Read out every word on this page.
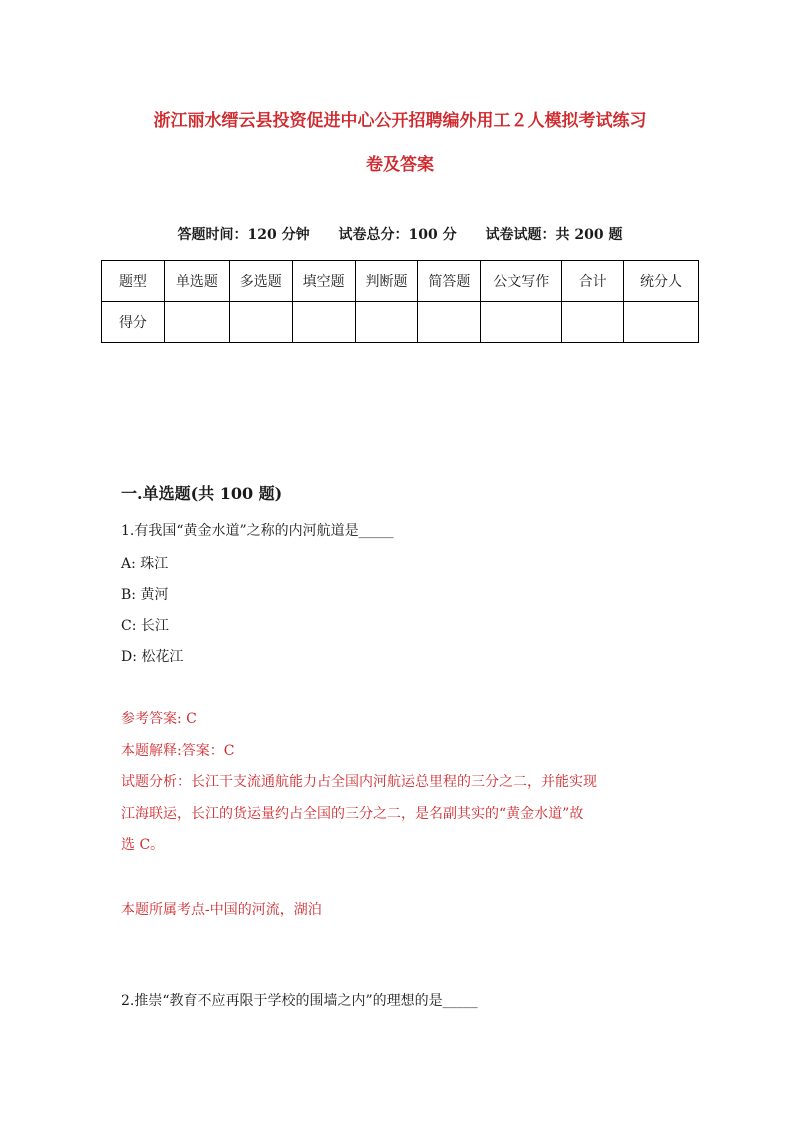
浙江丽水缙云县投资促进中心公开招聘编外用工２人模拟考试练习
卷及答案
答题时间：120 分钟 试卷总分：100 分 试卷试题：共 200 题
题型	单选题	多选题	填空题	判断题	简答题	公文写作	合计	统分人
得分								
一.单选题(共 100 题)
1.有我国“黄金水道”之称的内河航道是_____
A: 珠江
B: 黄河
C: 长江
D: 松花江
参考答案: C
本题解释:答案：C
试题分析：长江干支流通航能力占全国内河航运总里程的三分之二，并能实现
江海联运，长江的货运量约占全国的三分之二，是名副其实的“黄金水道”故
选 C。
本题所属考点-中国的河流，湖泊
2.推崇“教育不应再限于学校的围墙之内”的理想的是_____
